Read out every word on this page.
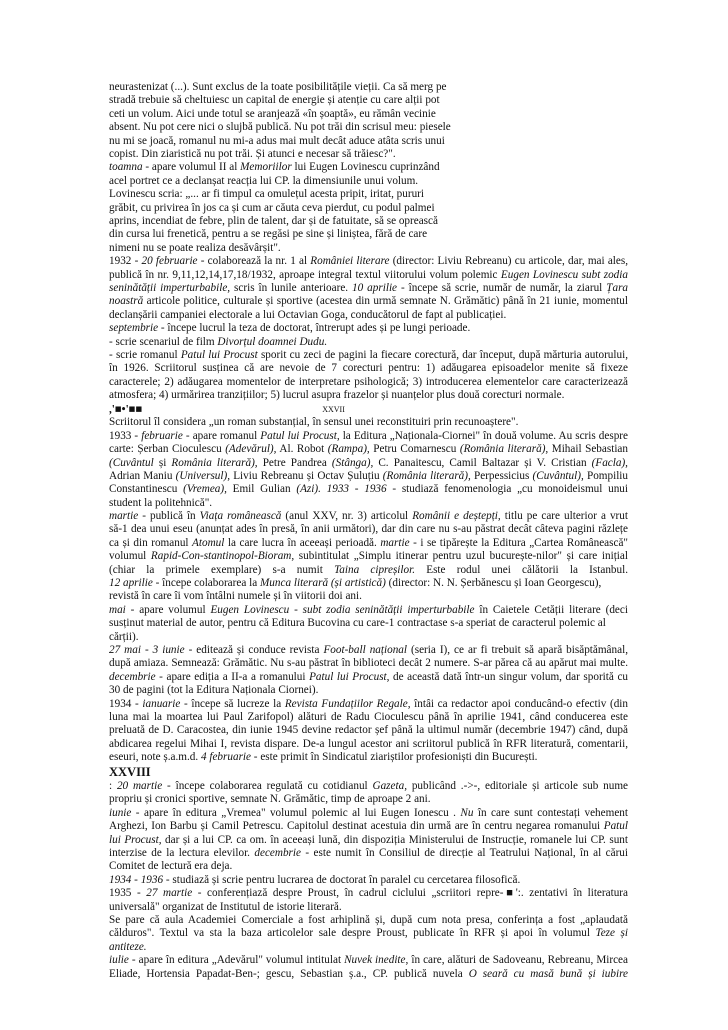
neurastenizat (...). Sunt exclus de la toate posibilitățile vieții. Ca să merg pe
stradă trebuie să cheltuiesc un capital de energie și atenție cu care alții pot
ceti un volum. Aici unde totul se aranjează «în șoaptă», eu rămân vecinie
absent. Nu pot cere nici o slujbă publică. Nu pot trăi din scrisul meu: piesele
nu mi se joacă, romanul nu mi-a adus mai mult decât aduce atâta scris unui
copist. Din ziaristică nu pot trăi. Și atunci e necesar să trăiesc?".
toamna - apare volumul II al Memoriilor lui Eugen Lovinescu cuprinzând
acel portret ce a declanșat reacția lui CP. la dimensiunile unui volum.
Lovinescu scria: „... ar fi timpul ca omulețul acesta pripit, iritat, pururi
grăbit, cu privirea în jos ca și cum ar căuta ceva pierdut, cu podul palmei
aprins, incendiat de febre, plin de talent, dar și de fatuitate, să se oprească
din cursa lui frenetică, pentru a se regăsi pe sine și liniștea, fără de care
nimeni nu se poate realiza desăvârșit".
1932 - 20 februarie - colaborează la nr. 1 al României literare (director: Liviu Rebreanu) cu articole, dar, mai ales,
publică în nr. 9,11,12,14,17,18/1932, aproape integral textul viitorului volum polemic Eugen Lovinescu subt zodia
seninătății imperturbabile, scris în lunile anterioare. 10 aprilie - începe să scrie, număr de număr, la ziarul Țara
noastră articole politice, culturale și sportive (acestea din urmă semnate N. Grămătic) până în 21 iunie, momentul
declanșării campaniei electorale a lui Octavian Goga, conducătorul de fapt al publicației.
septembrie - începe lucrul la teza de doctorat, întrerupt ades și pe lungi perioade.
- scrie scenariul de film Divorțul doamnei Dudu.
- scrie romanul Patul lui Procust sporit cu zeci de pagini la fiecare corectură, dar început, după mărturia autorului,
în 1926. Scriitorul susținea că are nevoie de 7 corecturi pentru: 1) adăugarea episoadelor menite să fixeze
caracterele; 2) adăugarea momentelor de interpretare psihologică; 3) introducerea elementelor care caracterizează
atmosfera; 4) urmărirea tranzițiilor; 5) lucrul asupra frazelor și nuanțelor plus două corecturi normale.
,'■•'■■	XXVII
Scriitorul îl considera „un roman substanțial, în sensul unei reconstituiri prin recunoaștere".
1933 - februarie - apare romanul Patul lui Procust, la Editura „Naționala-Ciornei" în două volume. Au scris despre
carte: Șerban Cioculescu (Adevărul), Al. Robot (Rampa), Petru Comarnescu (România literară), Mihail Sebastian
(Cuvântul și România literară), Petre Pandrea (Stânga), C. Panaitescu, Camil Baltazar și V. Cristian (Facla),
Adrian Maniu (Universul), Liviu Rebreanu și Octav Șuluțiu (România literară), Perpessicius (Cuvântul), Pompiliu
Constantinescu (Vremea), Emil Gulian (Azi). 1933 - 1936 - studiază fenomenologia „cu monoideismul unui
student la politehnică".
martie - publică în Viața românească (anul XXV, nr. 3) articolul Românii e deștepți, titlu pe care ulterior a vrut
să-1 dea unui eseu (anunțat ades în presă, în anii următori), dar din care nu s-au păstrat decât câteva pagini răzlețe
ca și din romanul Atomul la care lucra în aceeași perioadă. martie - i se tipărește la Editura „Cartea Românească"
volumul Rapid-Con-stantinopol-Bioram, subintitulat „Simplu itinerar pentru uzul bucurește-nilor" și care inițial
(chiar la primele exemplare) s-a numit Taina cipreșilor. Este rodul unei călătorii la Istanbul.
12 aprilie - începe colaborarea la Munca literară (și artistică) (director: N. N. Șerbănescu și Ioan Georgescu),
revistă în care îi vom întâlni numele și în viitorii doi ani.
mai - apare volumul Eugen Lovinescu - subt zodia seninătății imperturbabile în Caietele Cetății literare (deci
susținut material de autor, pentru că Editura Bucovina cu care-1 contractase s-a speriat de caracterul polemic al
cărții).
27 mai - 3 iunie - editează și conduce revista Foot-ball național (seria I), ce ar fi trebuit să apară bisăptămânal,
după amiaza. Semnează: Grămătic. Nu s-au păstrat în biblioteci decât 2 numere. S-ar părea că au apărut mai multe.
decembrie - apare ediția a II-a a romanului Patul lui Procust, de această dată într-un singur volum, dar sporită cu
30 de pagini (tot la Editura Naționala Ciornei).
1934 - ianuarie - începe să lucreze la Revista Fundațiilor Regale, întâi ca redactor apoi conducând-o efectiv (din
luna mai la moartea lui Paul Zarifopol) alături de Radu Cioculescu până în aprilie 1941, când conducerea este
preluată de D. Caracostea, din iunie 1945 devine redactor șef până la ultimul număr (decembrie 1947) când, după
abdicarea regelui Mihai I, revista dispare. De-a lungul acestor ani scriitorul publică în RFR literatură, comentarii,
eseuri, note ș.a.m.d. 4 februarie - este primit în Sindicatul ziariștilor profesioniști din București.
XXVIII
: 20 martie - începe colaborarea regulată cu cotidianul Gazeta, publicând .->-, editoriale și articole sub nume
propriu și cronici sportive, semnate N. Grămătic, timp de aproape 2 ani.
iunie - apare în editura „Vremea" volumul polemic al lui Eugen Ionescu . Nu în care sunt contestați vehement
Arghezi, Ion Barbu și Camil Petrescu. Capitolul destinat acestuia din urmă are în centru negarea romanului Patul
lui Procust, dar și a lui CP. ca om. în aceeași lună, din dispoziția Ministerului de Instrucție, romanele lui CP. sunt
interzise de la lectura elevilor. decembrie - este numit în Consiliul de direcție al Teatrului Național, în al cărui
Comitet de lectură era deja.
1934 - 1936 - studiază și scrie pentru lucrarea de doctorat în paralel cu cercetarea filosofică.
1935 - 27 martie - conferențiază despre Proust, în cadrul ciclului „scriitori repre-■':. zentativi în literatura
universală" organizat de Institutul de istorie literară.
Se pare că aula Academiei Comerciale a fost arhiplină și, după cum nota presa, conferința a fost „aplaudată
călduros". Textul va sta la baza articolelor sale despre Proust, publicate în RFR și apoi în volumul Teze și
antiteze.
iulie - apare în editura „Adevărul" volumul intitulat Nuvek inedite, în care, alături de Sadoveanu, Rebreanu, Mircea
Eliade, Hortensia Papadat-Ben-; gescu, Sebastian ș.a., CP. publică nuvela O seară cu masă bună și iubire
